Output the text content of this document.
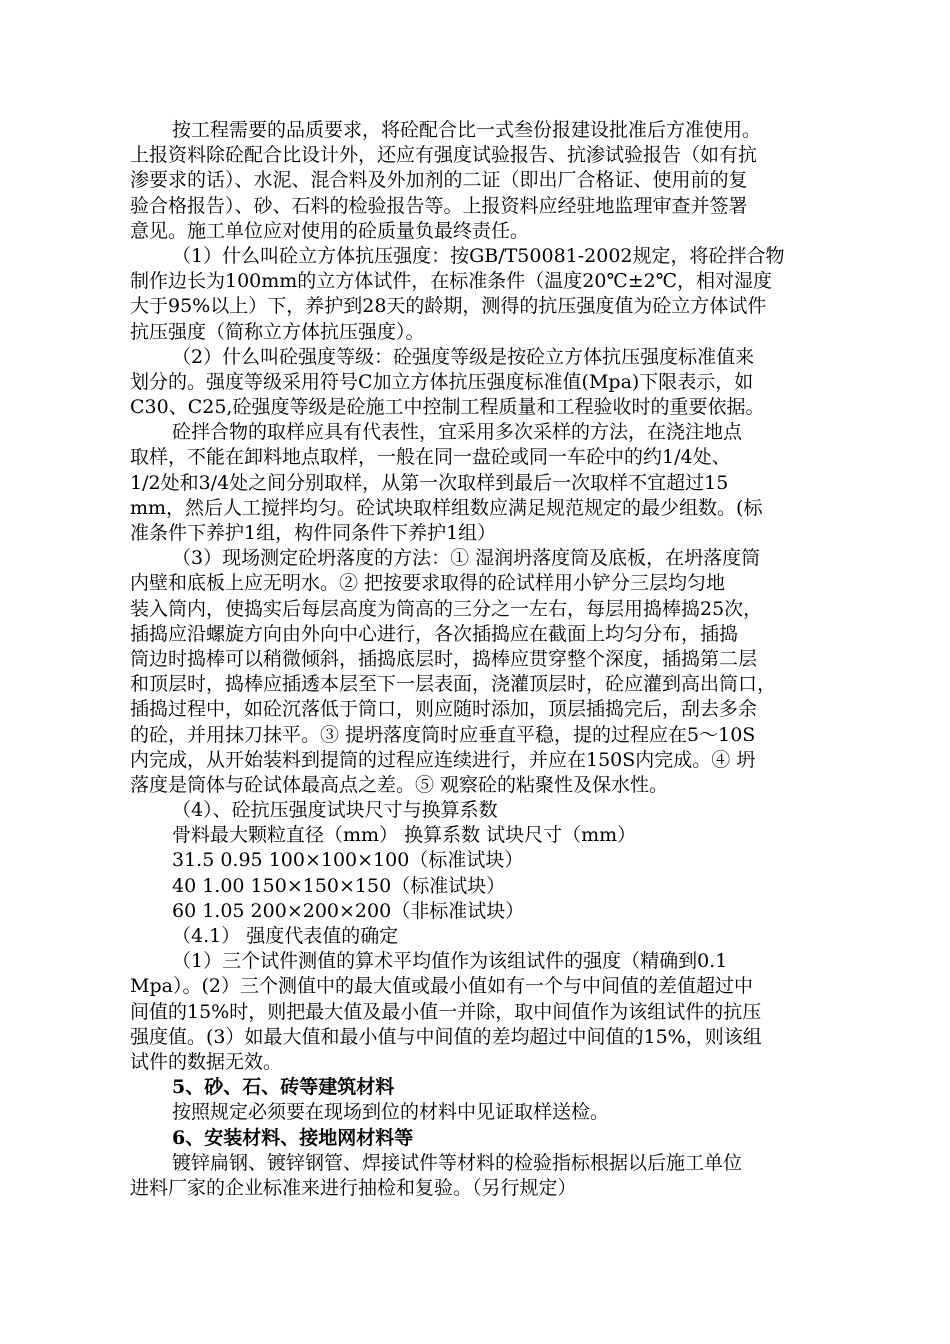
按工程需要的品质要求，将砼配合比一式叁份报建设批准后方准使用。
上报资料除砼配合比设计外，还应有强度试验报告、抗渗试验报告（如有抗
渗要求的话）、水泥、混合料及外加剂的二证（即出厂合格证、使用前的复
验合格报告）、砂、石料的检验报告等。上报资料应经驻地监理审查并签署
意见。施工单位应对使用的砼质量负最终责任。
（1）什么叫砼立方体抗压强度：按GB/T50081-2002规定，将砼拌合物
制作边长为100mm的立方体试件，在标准条件（温度20℃±2℃，相对湿度
大于95%以上）下，养护到28天的龄期，测得的抗压强度值为砼立方体试件
抗压强度（简称立方体抗压强度）。
（2）什么叫砼强度等级：砼强度等级是按砼立方体抗压强度标准值来
划分的。强度等级采用符号C加立方体抗压强度标准值(Mpa)下限表示，如
C30、C25,砼强度等级是砼施工中控制工程质量和工程验收时的重要依据。
砼拌合物的取样应具有代表性，宜采用多次采样的方法，在浇注地点
取样，不能在卸料地点取样，一般在同一盘砼或同一车砼中的约1/4处、
1/2处和3/4处之间分别取样，从第一次取样到最后一次取样不宜超过15
mm，然后人工搅拌均匀。砼试块取样组数应满足规范规定的最少组数。(标
准条件下养护1组，构件同条件下养护1组）
（3）现场测定砼坍落度的方法：① 湿润坍落度筒及底板，在坍落度筒
内壁和底板上应无明水。② 把按要求取得的砼试样用小铲分三层均匀地
装入筒内，使捣实后每层高度为筒高的三分之一左右，每层用捣棒捣25次，
插捣应沿螺旋方向由外向中心进行，各次插捣应在截面上均匀分布，插捣
筒边时捣棒可以稍微倾斜，插捣底层时，捣棒应贯穿整个深度，插捣第二层
和顶层时，捣棒应插透本层至下一层表面，浇灌顶层时，砼应灌到高出筒口，
插捣过程中，如砼沉落低于筒口，则应随时添加，顶层插捣完后，刮去多余
的砼，并用抹刀抹平。③ 提坍落度筒时应垂直平稳，提的过程应在5～10S
内完成，从开始装料到提筒的过程应连续进行，并应在150S内完成。④ 坍
落度是筒体与砼试体最高点之差。⑤ 观察砼的粘聚性及保水性。
（4）、砼抗压强度试块尺寸与换算系数
骨料最大颗粒直径（mm） 换算系数 试块尺寸（mm）
31.5 0.95 100×100×100（标准试块）
40 1.00 150×150×150（标准试块）
60 1.05 200×200×200（非标准试块）
（4.1） 强度代表值的确定
（1）三个试件测值的算术平均值作为该组试件的强度（精确到0.1
Mpa）。(2）三个测值中的最大值或最小值如有一个与中间值的差值超过中
间值的15%时，则把最大值及最小值一并除，取中间值作为该组试件的抗压
强度值。(3）如最大值和最小值与中间值的差均超过中间值的15%，则该组
试件的数据无效。
5、砂、石、砖等建筑材料
按照规定必须要在现场到位的材料中见证取样送检。
6、安装材料、接地网材料等
镀锌扁钢、镀锌钢管、焊接试件等材料的检验指标根据以后施工单位
进料厂家的企业标准来进行抽检和复验。（另行规定）
